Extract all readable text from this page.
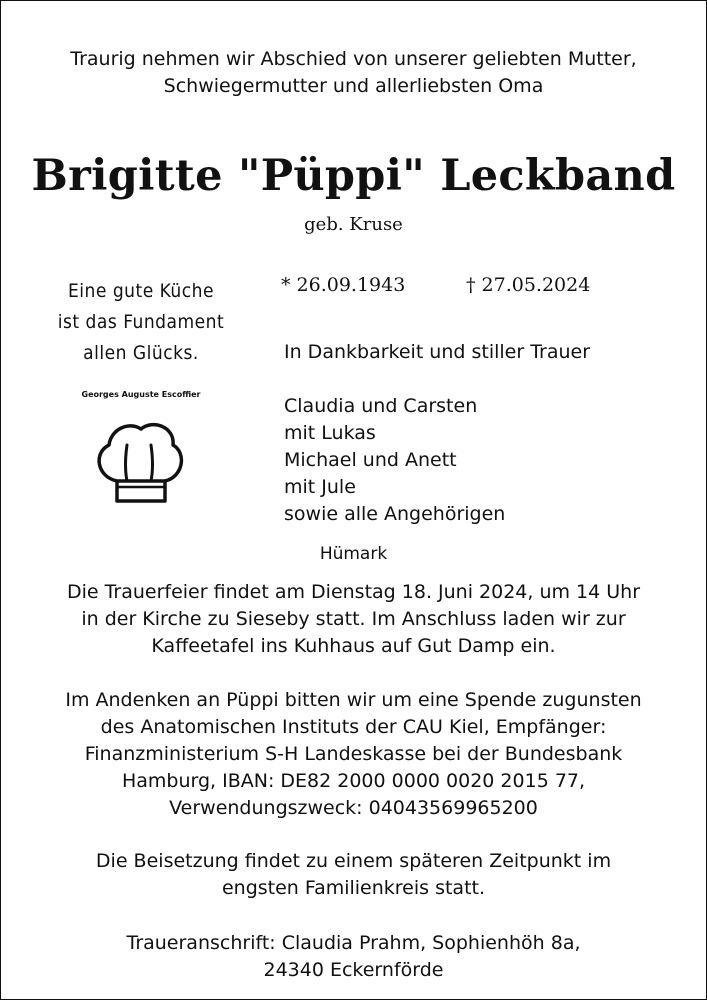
Traurig nehmen wir Abschied von unserer geliebten Mutter,
Schwiegermutter und allerliebsten Oma
Brigitte "Püppi" Leckband
geb. Kruse
Eine gute Küche
ist das Fundament
allen Glücks.
Georges Auguste Escoffier
* 26.09.1943	† 27.05.2024
In Dankbarkeit und stiller Trauer
Claudia und Carsten
mit Lukas
Michael und Anett
mit Jule
sowie alle Angehörigen
Hümark
Die Trauerfeier findet am Dienstag 18. Juni 2024, um 14 Uhr
in der Kirche zu Sieseby statt. Im Anschluss laden wir zur
Kaffeetafel ins Kuhhaus auf Gut Damp ein.
Im Andenken an Püppi bitten wir um eine Spende zugunsten
des Anatomischen Instituts der CAU Kiel, Empfänger:
Finanzministerium S-H Landeskasse bei der Bundesbank
Hamburg, IBAN: DE82 2000 0000 0020 2015 77,
Verwendungszweck: 04043569965200
Die Beisetzung findet zu einem späteren Zeitpunkt im
engsten Familienkreis statt.
Traueranschrift: Claudia Prahm, Sophienhöh 8a,
24340 Eckernförde
